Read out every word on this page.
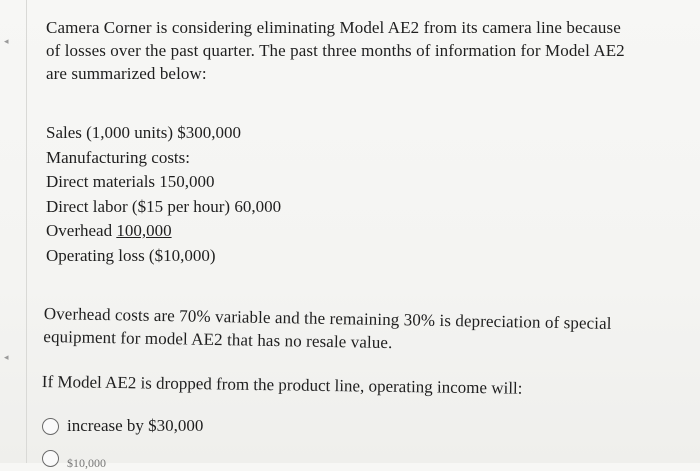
◂
◂
Camera Corner is considering eliminating Model AE2 from its camera line because
of losses over the past quarter. The past three months of information for Model AE2
are summarized below:
Sales (1,000 units) $300,000
Manufacturing costs:
Direct materials 150,000
Direct labor ($15 per hour) 60,000
Overhead 100,000
Operating loss ($10,000)
Overhead costs are 70% variable and the remaining 30% is depreciation of special
equipment for model AE2 that has no resale value.
If Model AE2 is dropped from the product line, operating income will:
increase by $30,000
$10,000
